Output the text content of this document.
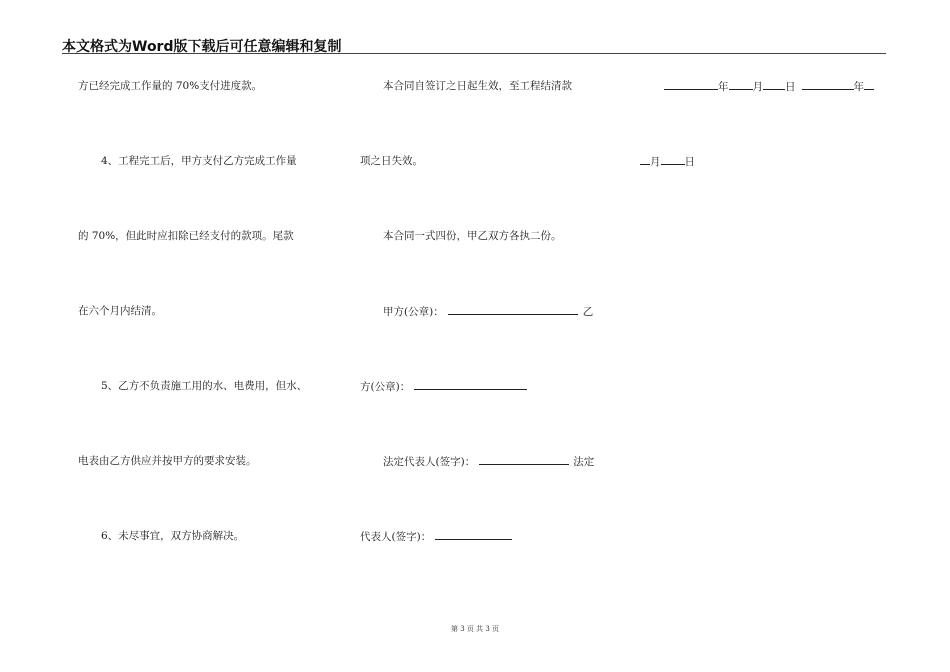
本文格式为Word版下载后可任意编辑和复制

方已经完成工作量的 70%支付进度款。

4、工程完工后，甲方支付乙方完成工作量

的 70%，但此时应扣除已经支付的款项。尾款

在六个月内结清。

5、乙方不负责施工用的水、电费用，但水、

电表由乙方供应并按甲方的要求安装。

6、未尽事宜，双方协商解决。

本合同自签订之日起生效，至工程结清款

项之日失效。

本合同一式四份，甲乙双方各执二份。

甲方(公章)：	乙

方(公章)：

法定代表人(签字)：	法定

代表人(签字)：

年 月 日	年

月 日

第 3 页 共 3 页
